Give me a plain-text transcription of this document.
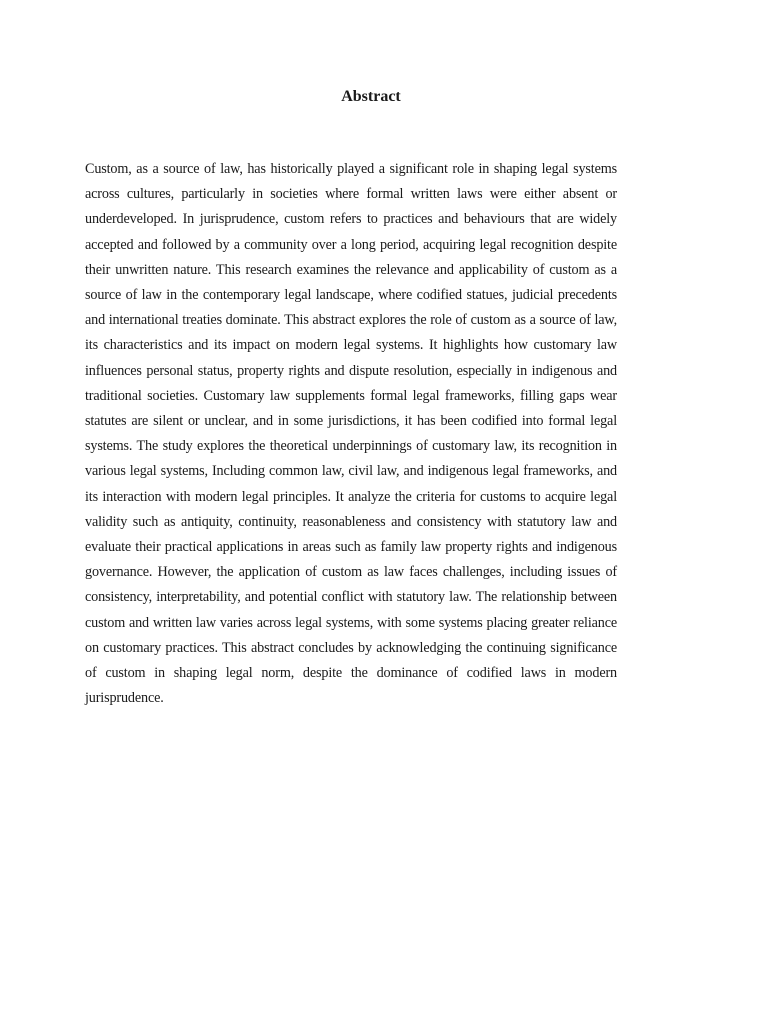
Abstract

Custom, as a source of law, has historically played a significant role in shaping legal systems across cultures, particularly in societies where formal written laws were either absent or underdeveloped. In jurisprudence, custom refers to practices and behaviours that are widely accepted and followed by a community over a long period, acquiring legal recognition despite their unwritten nature. This research examines the relevance and applicability of custom as a source of law in the contemporary legal landscape, where codified statues, judicial precedents and international treaties dominate. This abstract explores the role of custom as a source of law, its characteristics and its impact on modern legal systems. It highlights how customary law influences personal status, property rights and dispute resolution, especially in indigenous and traditional societies. Customary law supplements formal legal frameworks, filling gaps wear statutes are silent or unclear, and in some jurisdictions, it has been codified into formal legal systems. The study explores the theoretical underpinnings of customary law, its recognition in various legal systems, Including common law, civil law, and indigenous legal frameworks, and its interaction with modern legal principles. It analyze the criteria for customs to acquire legal validity such as antiquity, continuity, reasonableness and consistency with statutory law and evaluate their practical applications in areas such as family law property rights and indigenous governance. However, the application of custom as law faces challenges, including issues of consistency, interpretability, and potential conflict with statutory law. The relationship between custom and written law varies across legal systems, with some systems placing greater reliance on customary practices. This abstract concludes by acknowledging the continuing significance of custom in shaping legal norm, despite the dominance of codified laws in modern jurisprudence.
